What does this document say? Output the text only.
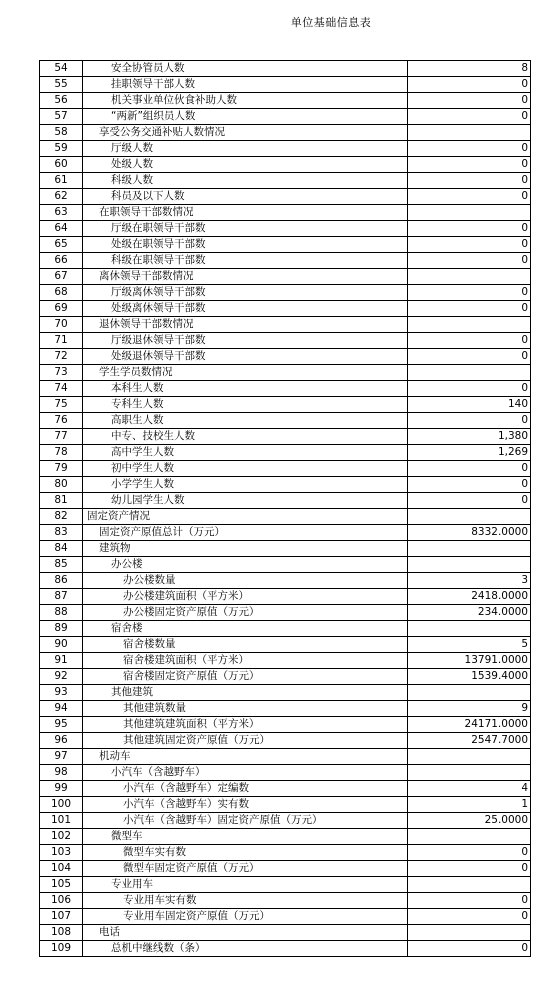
单位基础信息表
54	安全协管员人数	8
55	挂职领导干部人数	0
56	机关事业单位伙食补助人数	0
57	“两新”组织员人数	0
58	享受公务交通补贴人数情况	
59	厅级人数	0
60	处级人数	0
61	科级人数	0
62	科员及以下人数	0
63	在职领导干部数情况	
64	厅级在职领导干部数	0
65	处级在职领导干部数	0
66	科级在职领导干部数	0
67	离休领导干部数情况	
68	厅级离休领导干部数	0
69	处级离休领导干部数	0
70	退休领导干部数情况	
71	厅级退休领导干部数	0
72	处级退休领导干部数	0
73	学生学员数情况	
74	本科生人数	0
75	专科生人数	140
76	高职生人数	0
77	中专、技校生人数	1,380
78	高中学生人数	1,269
79	初中学生人数	0
80	小学学生人数	0
81	幼儿园学生人数	0
82	固定资产情况	
83	固定资产原值总计（万元）	8332.0000
84	建筑物	
85	办公楼	
86	办公楼数量	3
87	办公楼建筑面积（平方米）	2418.0000
88	办公楼固定资产原值（万元）	234.0000
89	宿舍楼	
90	宿舍楼数量	5
91	宿舍楼建筑面积（平方米）	13791.0000
92	宿舍楼固定资产原值（万元）	1539.4000
93	其他建筑	
94	其他建筑数量	9
95	其他建筑建筑面积（平方米）	24171.0000
96	其他建筑固定资产原值（万元）	2547.7000
97	机动车	
98	小汽车（含越野车）	
99	小汽车（含越野车）定编数	4
100	小汽车（含越野车）实有数	1
101	小汽车（含越野车）固定资产原值（万元）	25.0000
102	微型车	
103	微型车实有数	0
104	微型车固定资产原值（万元）	0
105	专业用车	
106	专业用车实有数	0
107	专业用车固定资产原值（万元）	0
108	电话	
109	总机中继线数（条）	0
